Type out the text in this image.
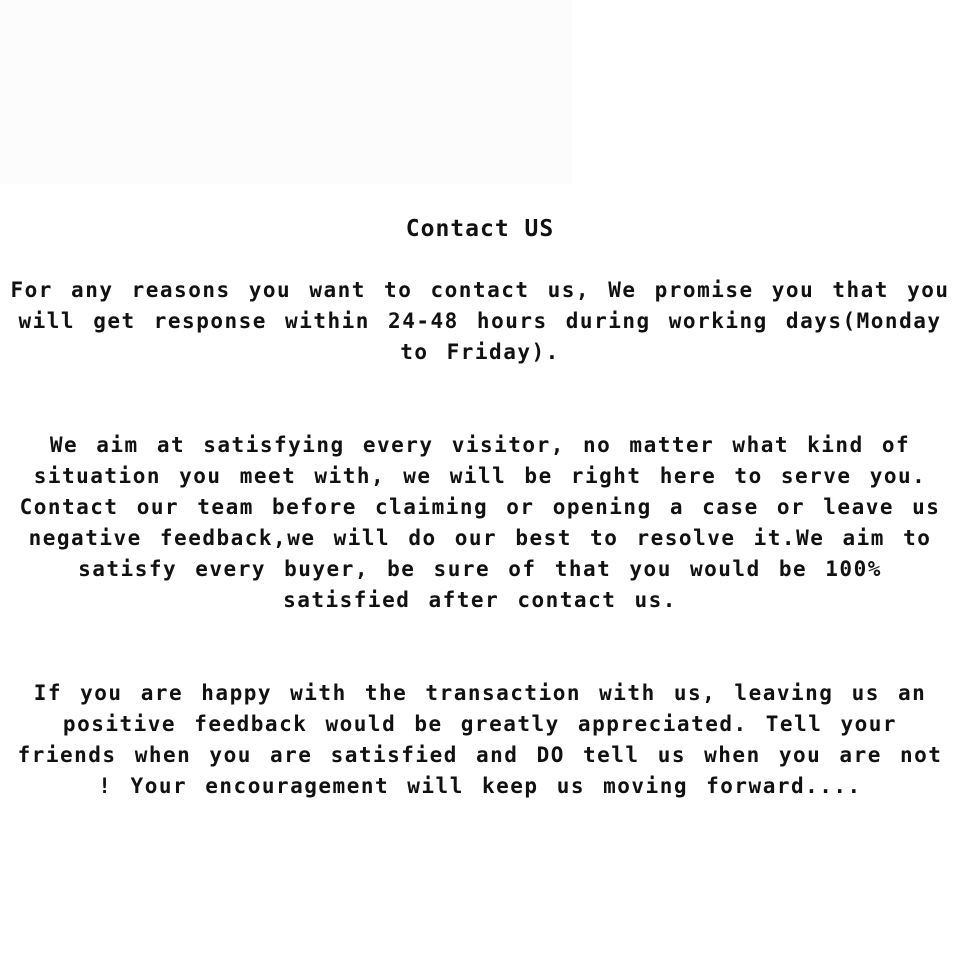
Contact US

For any reasons you want to contact us, We promise you that you will get response within 24-48 hours during working days(Monday to Friday).

We aim at satisfying every visitor, no matter what kind of situation you meet with, we will be right here to serve you. Contact our team before claiming or opening a case or leave us negative feedback,we will do our best to resolve it.We aim to satisfy every buyer, be sure of that you would be 100% satisfied after contact us.

If you are happy with the transaction with us, leaving us an positive feedback would be greatly appreciated. Tell your friends when you are satisfied and DO tell us when you are not ! Your encouragement will keep us moving forward....
